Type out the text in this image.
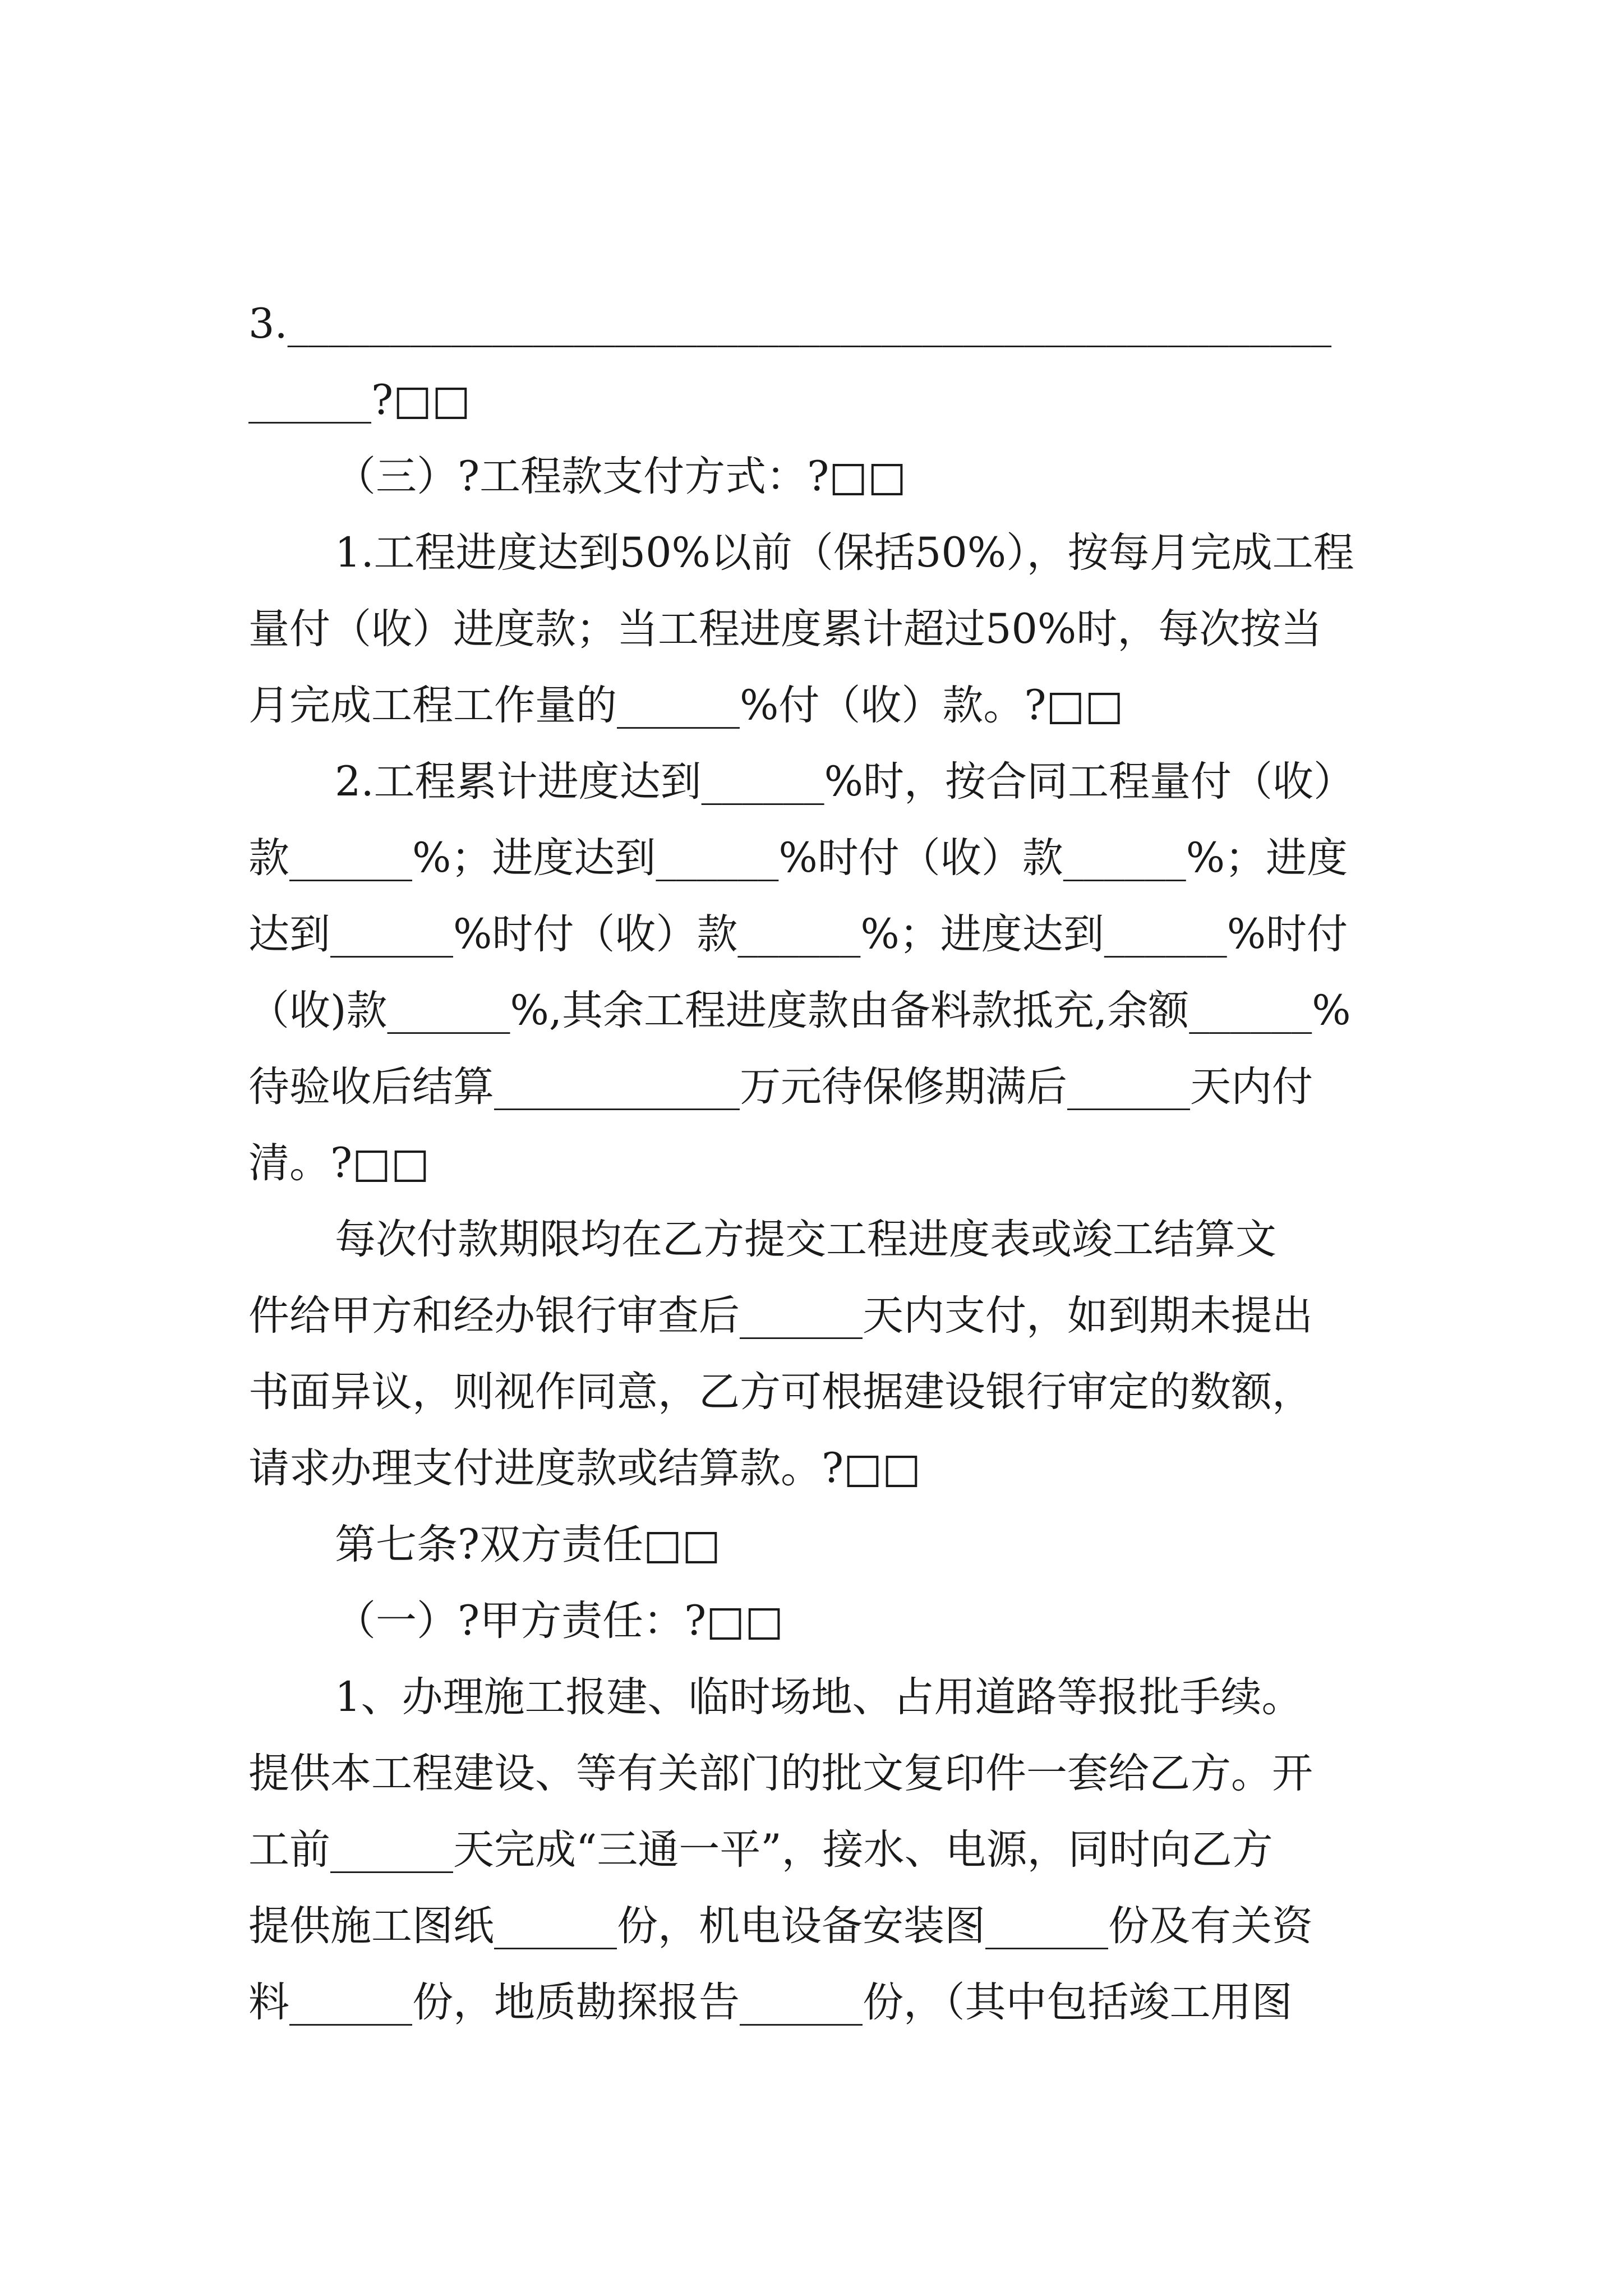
3.___________________________________________________
______?□□
（三）?工程款支付方式：?□□
1.工程进度达到50%以前（保括50%），按每月完成工程
量付（收）进度款；当工程进度累计超过50%时，每次按当
月完成工程工作量的______%付（收）款。?□□
2.工程累计进度达到______%时，按合同工程量付（收）
款______%；进度达到______%时付（收）款______%；进度
达到______%时付（收）款______%；进度达到______%时付
（收)款______%,其余工程进度款由备料款抵充,余额______%
待验收后结算____________万元待保修期满后______天内付
清。?□□
每次付款期限均在乙方提交工程进度表或竣工结算文
件给甲方和经办银行审查后______天内支付，如到期未提出
书面异议，则视作同意，乙方可根据建设银行审定的数额，
请求办理支付进度款或结算款。?□□
第七条?双方责任□□
（一）?甲方责任：?□□
1、办理施工报建、临时场地、占用道路等报批手续。
提供本工程建设、等有关部门的批文复印件一套给乙方。开
工前______天完成“三通一平”，接水、电源，同时向乙方
提供施工图纸______份，机电设备安装图______份及有关资
料______份，地质勘探报告______份，（其中包括竣工用图
